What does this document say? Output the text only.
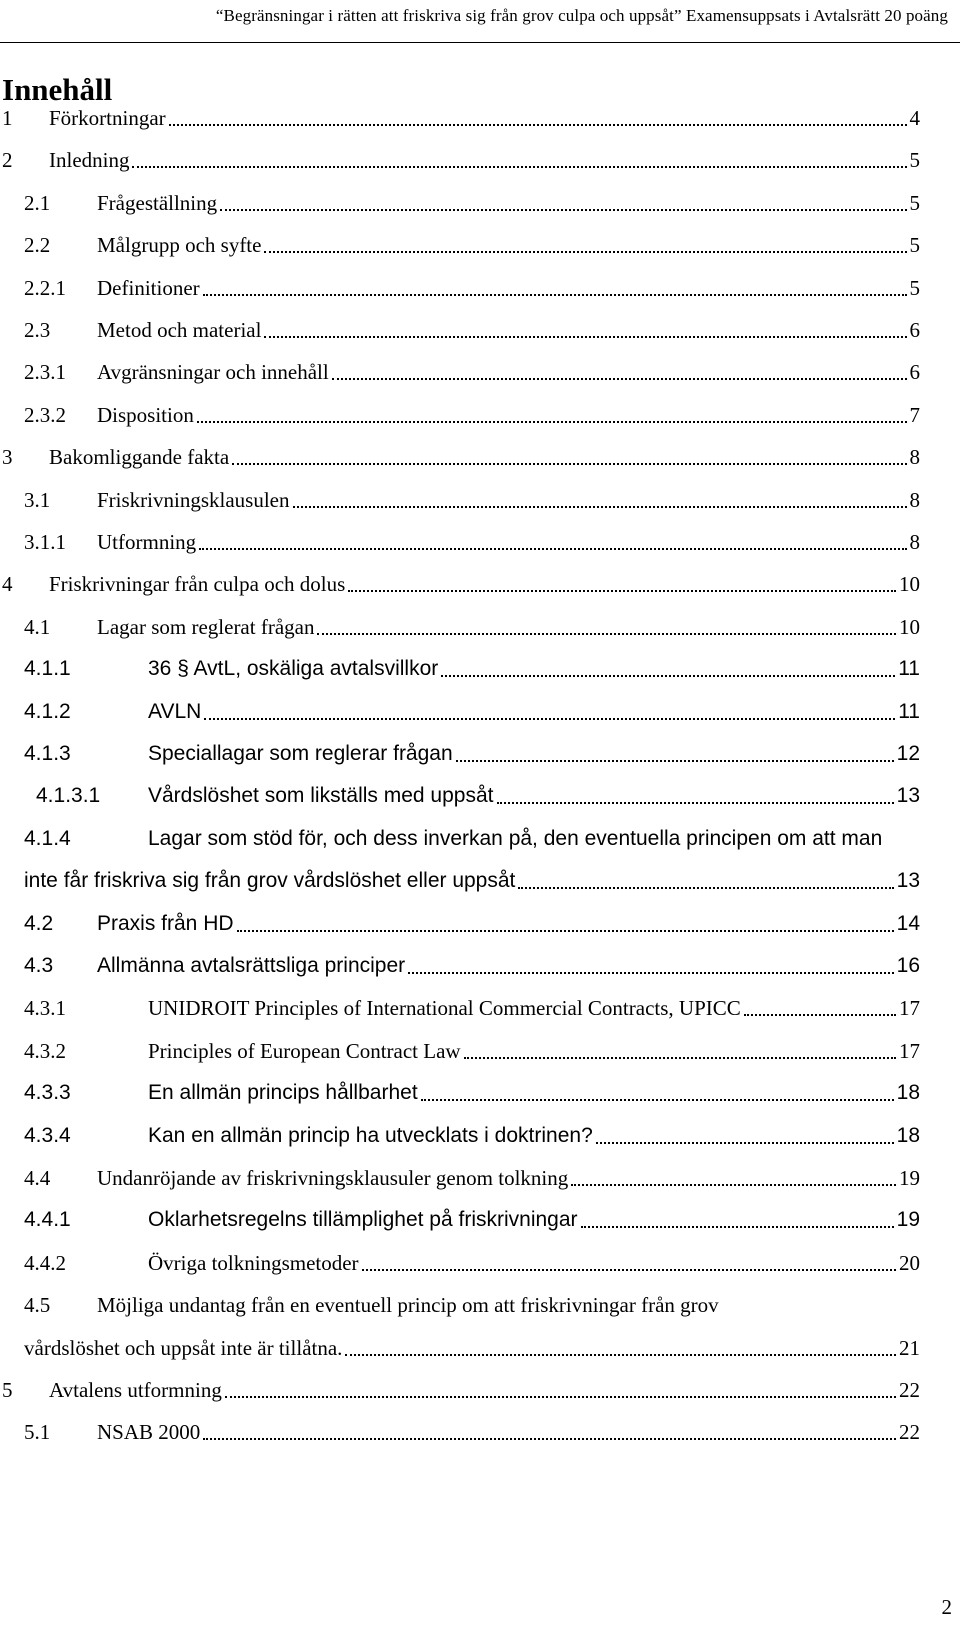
“Begränsningar i rätten att friskriva sig från grov culpa och uppsåt” Examensuppsats i Avtalsrätt 20 poäng
Innehåll
1 Förkortningar	4
2 Inledning	5
2.1 Frågeställning	5
2.2 Målgrupp och syfte	5
2.2.1 Definitioner	5
2.3 Metod och material	6
2.3.1 Avgränsningar och innehåll	6
2.3.2 Disposition	7
3 Bakomliggande fakta	8
3.1 Friskrivningsklausulen	8
3.1.1 Utformning	8
4 Friskrivningar från culpa och dolus	10
4.1 Lagar som reglerat frågan	10
4.1.1	36 § AvtL, oskäliga avtalsvillkor	11
4.1.2	AVLN	11
4.1.3	Speciallagar som reglerar frågan	12
4.1.3.1 Vårdslöshet som likställs med uppsåt	13
4.1.4	Lagar som stöd för, och dess inverkan på, den eventuella principen om att man
inte får friskriva sig från grov vårdslöshet eller uppsåt	13
4.2 Praxis från HD	14
4.3 Allmänna avtalsrättsliga principer	16
4.3.1	UNIDROIT Principles of International Commercial Contracts, UPICC	17
4.3.2	Principles of European Contract Law	17
4.3.3	En allmän princips hållbarhet	18
4.3.4	Kan en allmän princip ha utvecklats i doktrinen?	18
4.4 Undanröjande av friskrivningsklausuler genom tolkning	19
4.4.1	Oklarhetsregelns tillämplighet på friskrivningar	19
4.4.2	Övriga tolkningsmetoder	20
4.5 Möjliga undantag från en eventuell princip om att friskrivningar från grov
vårdslöshet och uppsåt inte är tillåtna.	21
5 Avtalens utformning	22
5.1 NSAB 2000	22
2
